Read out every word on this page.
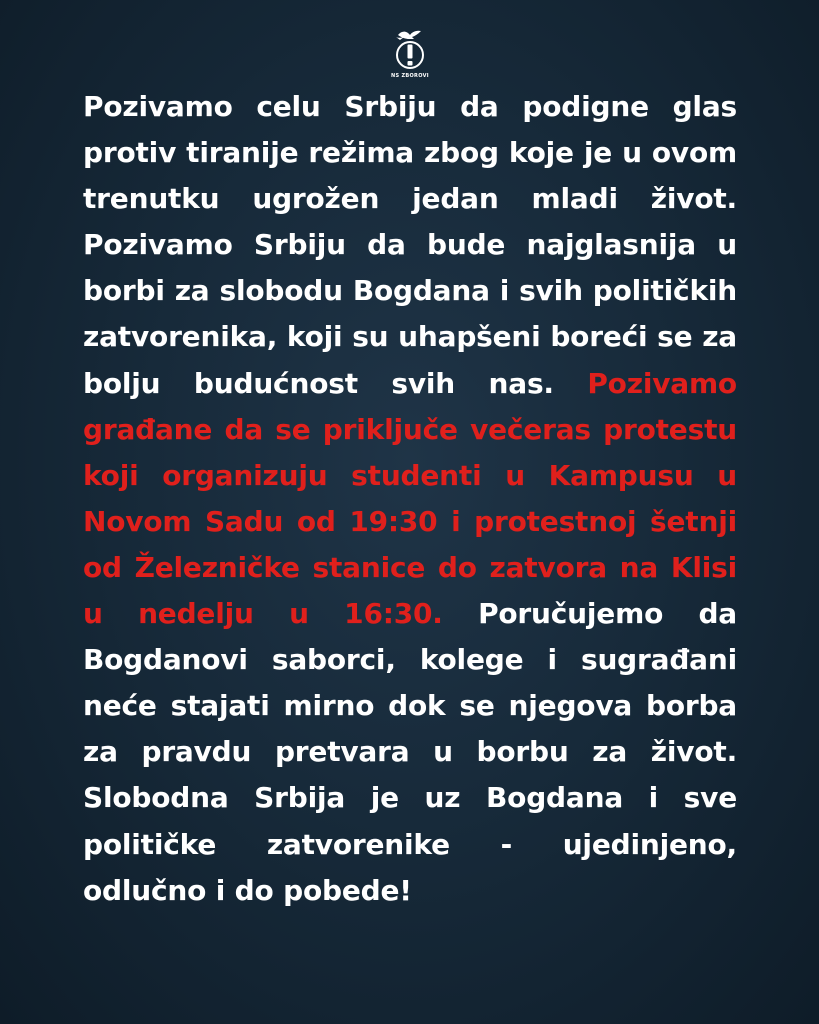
NS ZBOROVI

Pozivamo celu Srbiju da podigne glas protiv tiranije režima zbog koje je u ovom trenutku ugrožen jedan mladi život. Pozivamo Srbiju da bude najglasnija u borbi za slobodu Bogdana i svih političkih zatvorenika, koji su uhapšeni boreći se za bolju budućnost svih nas. Pozivamo građane da se priključe večeras protestu koji organizuju studenti u Kampusu u Novom Sadu od 19:30 i protestnoj šetnji od Železničke stanice do zatvora na Klisi u nedelju u 16:30. Poručujemo da Bogdanovi saborci, kolege i sugrađani neće stajati mirno dok se njegova borba za pravdu pretvara u borbu za život. Slobodna Srbija je uz Bogdana i sve političke zatvorenike - ujedinjeno, odlučno i do pobede!
